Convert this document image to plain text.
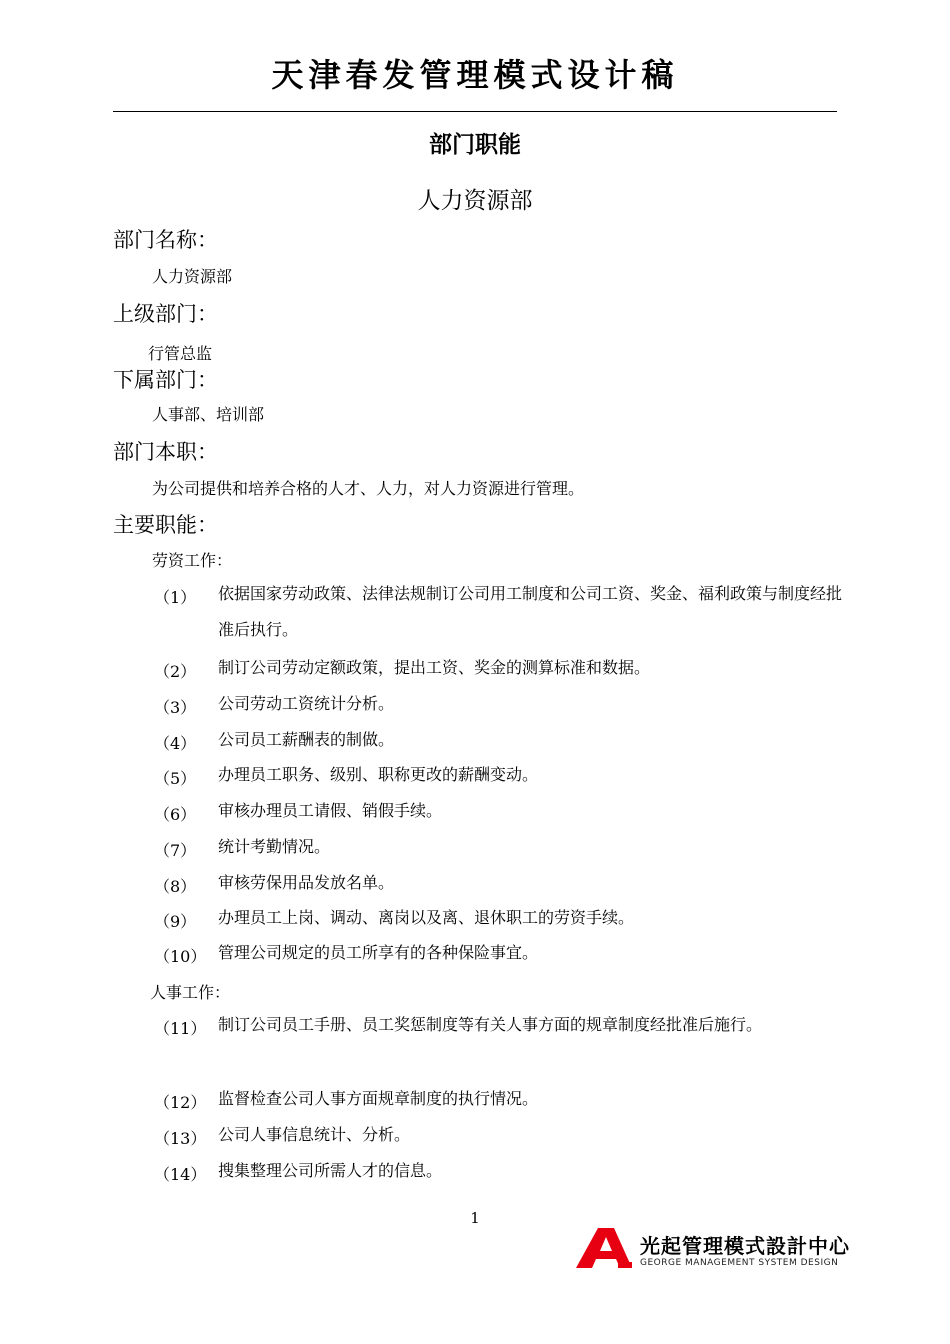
天津春发管理模式设计稿
部门职能
人力资源部
部门名称：
人力资源部
上级部门：
行管总监
下属部门：
人事部、培训部
部门本职：
为公司提供和培养合格的人才、人力，对人力资源进行管理。
主要职能：
劳资工作：
（1） 依据国家劳动政策、法律法规制订公司用工制度和公司工资、奖金、福利政策与制度经批准后执行。
（2） 制订公司劳动定额政策，提出工资、奖金的测算标准和数据。
（3） 公司劳动工资统计分析。
（4） 公司员工薪酬表的制做。
（5） 办理员工职务、级别、职称更改的薪酬变动。
（6） 审核办理员工请假、销假手续。
（7） 统计考勤情况。
（8） 审核劳保用品发放名单。
（9） 办理员工上岗、调动、离岗以及离、退休职工的劳资手续。
（10） 管理公司规定的员工所享有的各种保险事宜。
人事工作：
（11） 制订公司员工手册、员工奖惩制度等有关人事方面的规章制度经批准后施行。
（12） 监督检查公司人事方面规章制度的执行情况。
（13） 公司人事信息统计、分析。
（14） 搜集整理公司所需人才的信息。
1
光起管理模式設計中心
GEORGE MANAGEMENT SYSTEM DESIGN
